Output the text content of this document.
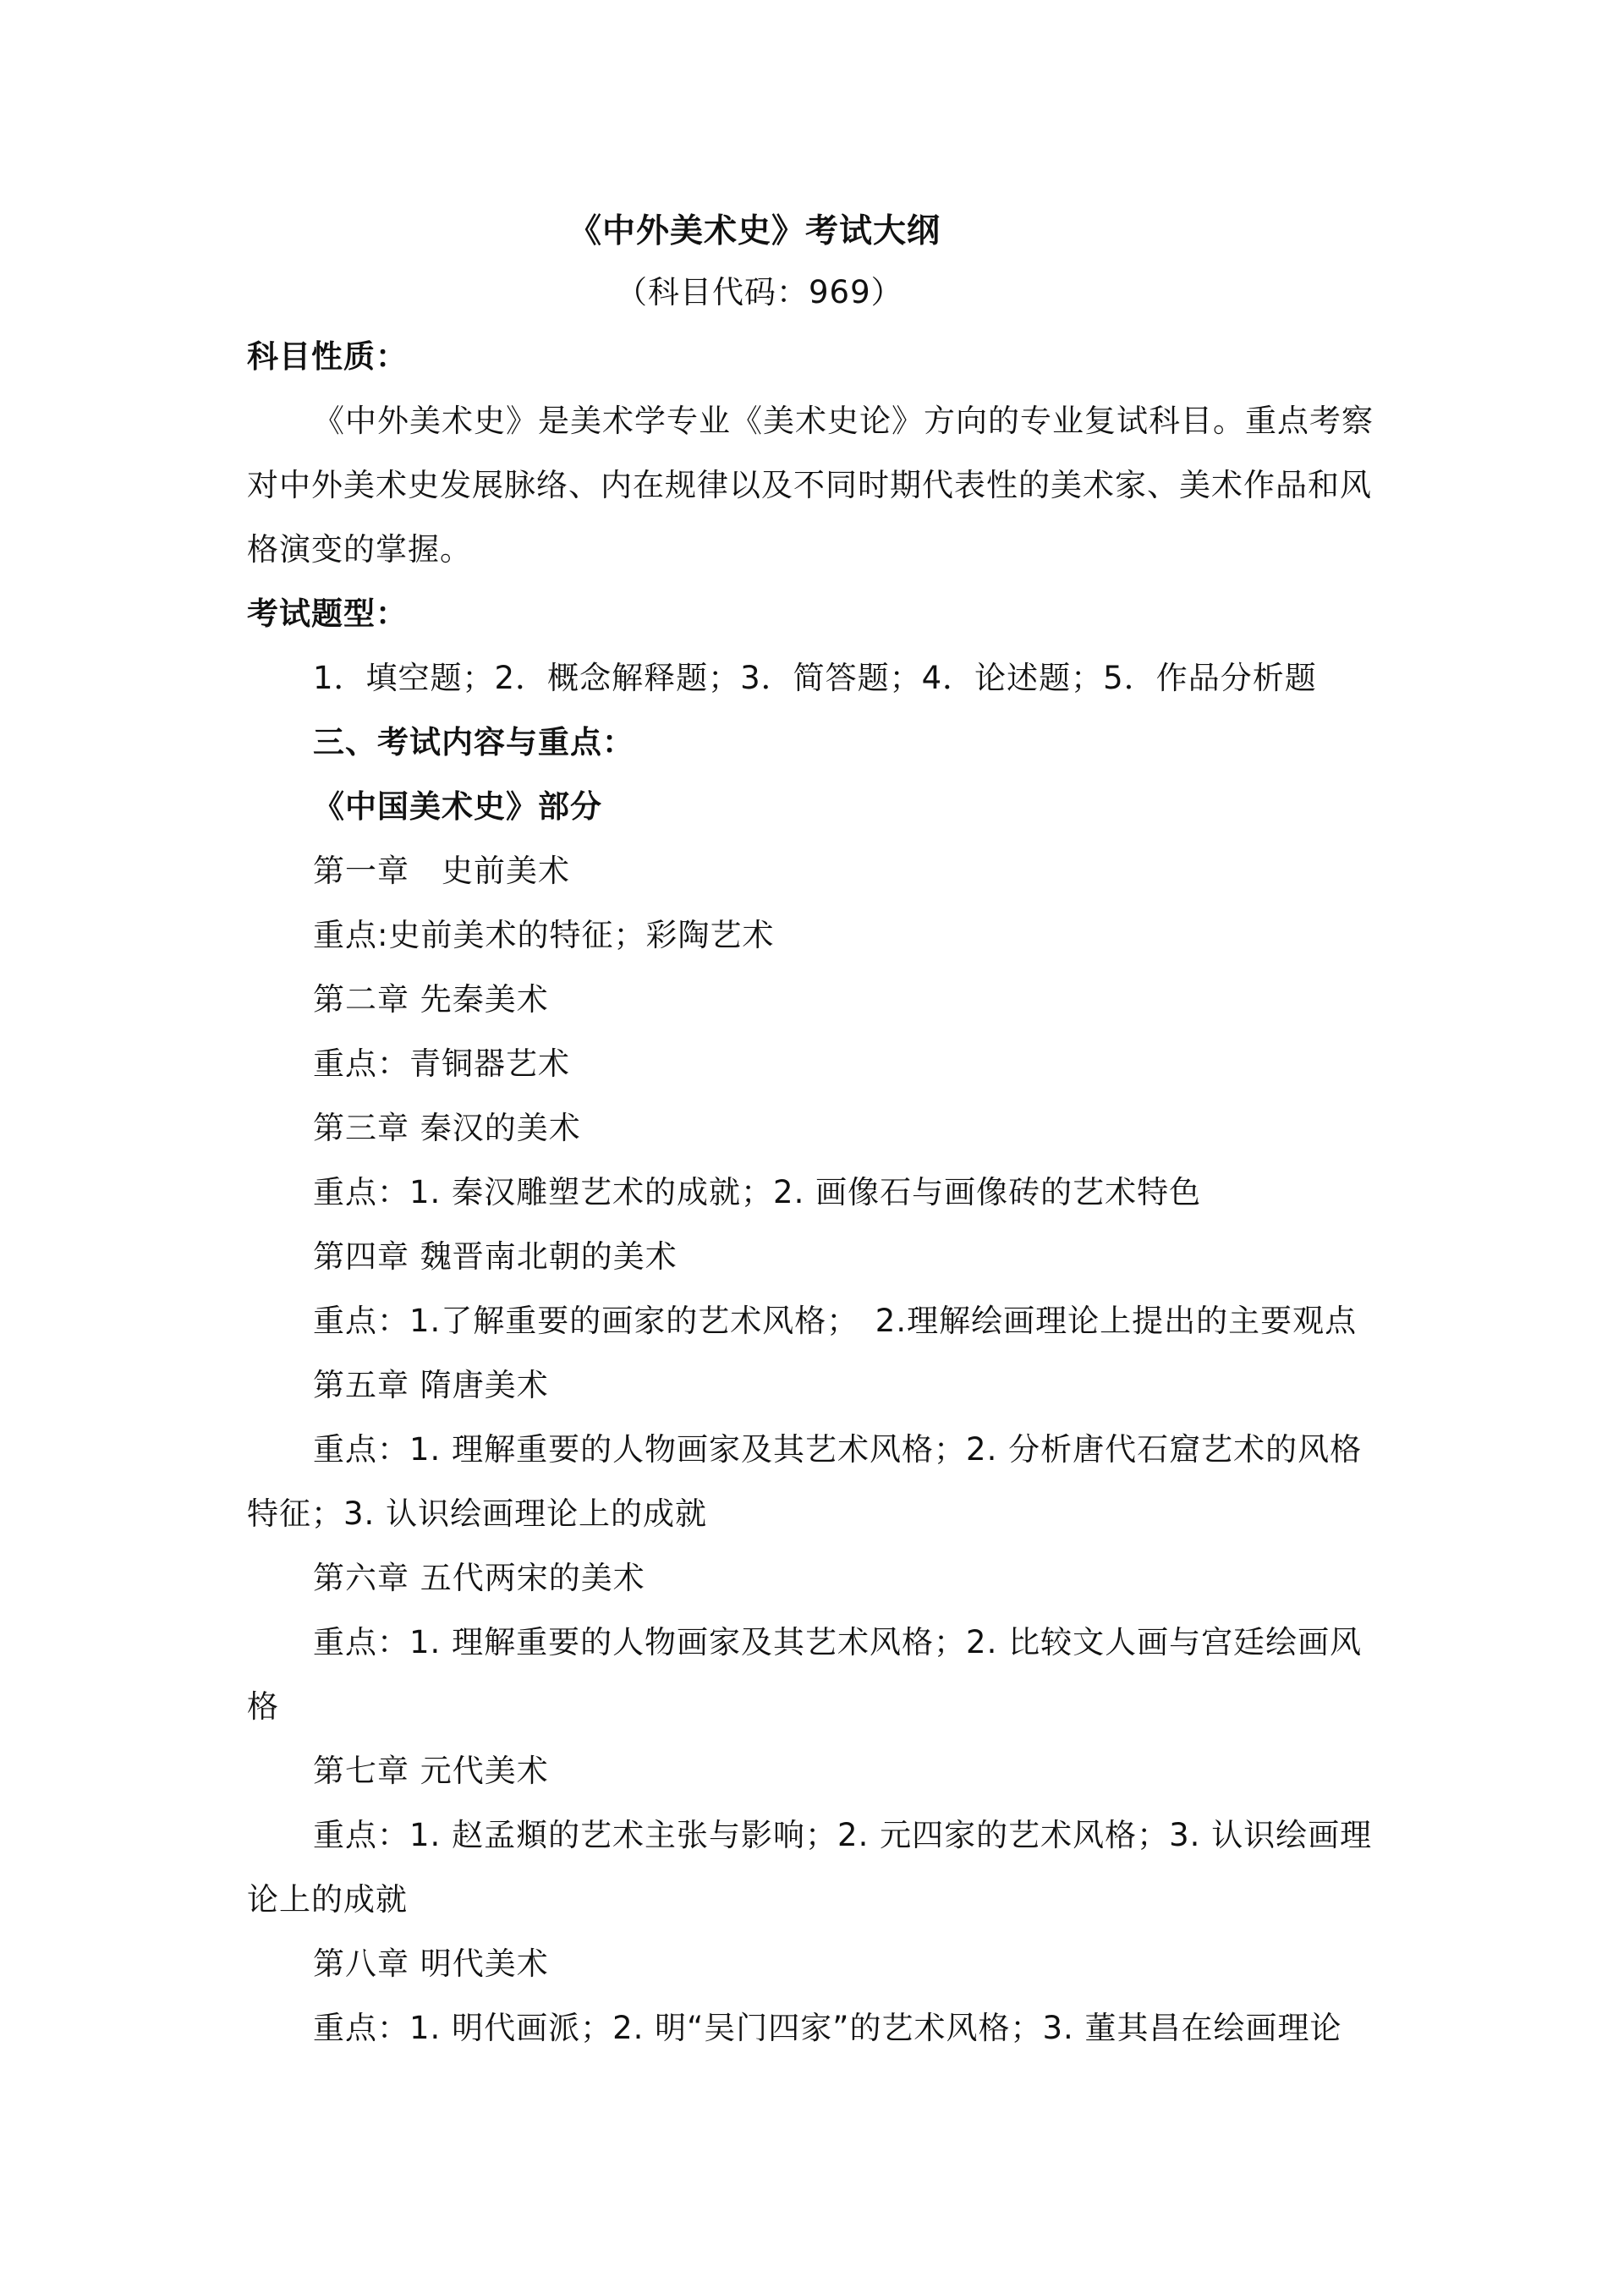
《中外美术史》考试大纲
（科目代码：969）
科目性质：
《中外美术史》是美术学专业《美术史论》方向的专业复试科目。重点考察
对中外美术史发展脉络、内在规律以及不同时期代表性的美术家、美术作品和风
格演变的掌握。
考试题型：
1．填空题；2．概念解释题；3．简答题；4．论述题；5．作品分析题
三、考试内容与重点：
《中国美术史》部分
第一章　史前美术
重点:史前美术的特征；彩陶艺术
第二章 先秦美术
重点：青铜器艺术
第三章 秦汉的美术
重点：1. 秦汉雕塑艺术的成就；2. 画像石与画像砖的艺术特色
第四章 魏晋南北朝的美术
重点：1.了解重要的画家的艺术风格；　2.理解绘画理论上提出的主要观点
第五章 隋唐美术
重点：1. 理解重要的人物画家及其艺术风格；2. 分析唐代石窟艺术的风格
特征；3. 认识绘画理论上的成就
第六章 五代两宋的美术
重点：1. 理解重要的人物画家及其艺术风格；2. 比较文人画与宫廷绘画风
格
第七章 元代美术
重点：1. 赵孟頫的艺术主张与影响；2. 元四家的艺术风格；3. 认识绘画理
论上的成就
第八章 明代美术
重点：1. 明代画派；2. 明“吴门四家”的艺术风格；3. 董其昌在绘画理论
